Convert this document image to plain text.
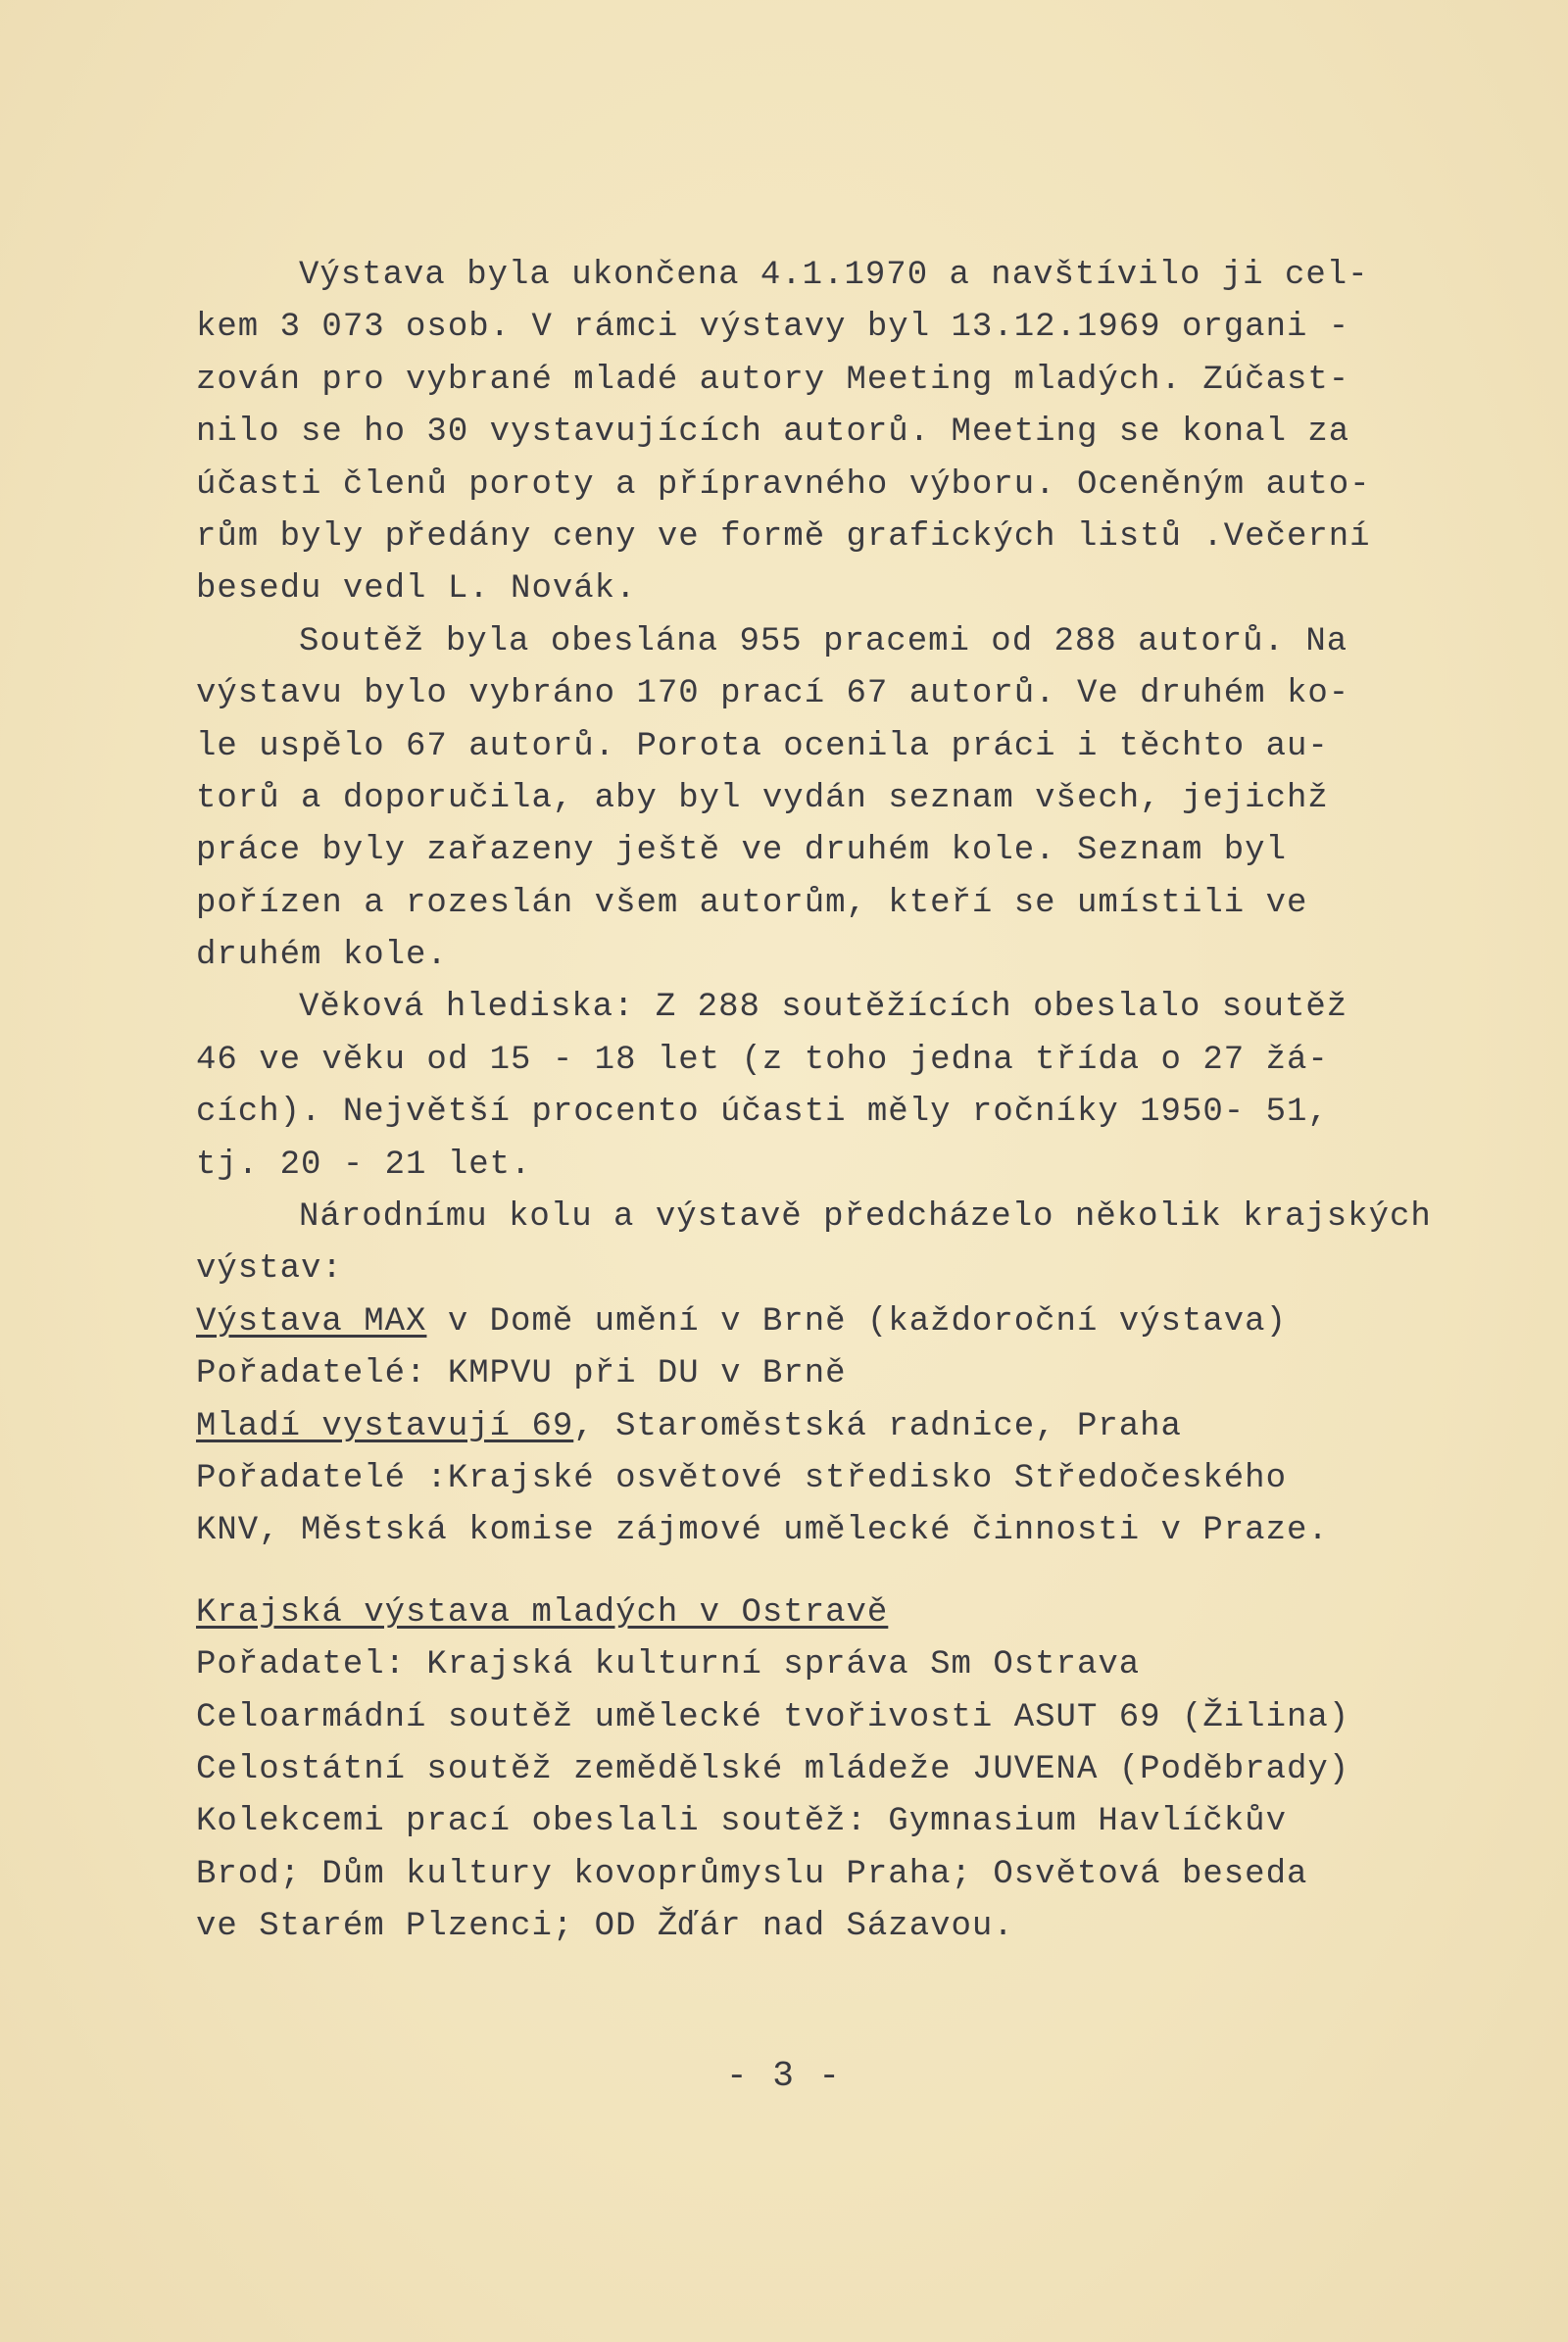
Výstava byla ukončena 4.1.1970 a navštívilo ji cel-
kem 3 073 osob. V rámci výstavy byl 13.12.1969 organi -
zován pro vybrané mladé autory Meeting mladých. Zúčast-
nilo se ho 30 vystavujících autorů. Meeting se konal za
účasti členů poroty a přípravného výboru. Oceněným auto-
rům byly předány ceny ve formě grafických listů .Večerní
besedu vedl L. Novák.
Soutěž byla obeslána 955 pracemi od 288 autorů. Na
výstavu bylo vybráno 170 prací 67 autorů. Ve druhém ko-
le uspělo 67 autorů. Porota ocenila práci i těchto au-
torů a doporučila, aby byl vydán seznam všech, jejichž
práce byly zařazeny ještě ve druhém kole. Seznam byl
pořízen a rozeslán všem autorům, kteří se umístili ve
druhém kole.
Věková hlediska: Z 288 soutěžících obeslalo soutěž
46 ve věku od 15 - 18 let (z toho jedna třída o 27 žá-
cích). Největší procento účasti měly ročníky 1950- 51,
tj. 20 - 21 let.
Národnímu kolu a výstavě předcházelo několik krajských
výstav:
Výstava MAX v Domě umění v Brně (každoroční výstava)
Pořadatelé: KMPVU při DU v Brně
Mladí vystavují 69, Staroměstská radnice, Praha
Pořadatelé :Krajské osvětové středisko Středočeského
KNV, Městská komise zájmové umělecké činnosti v Praze.
Krajská výstava mladých v Ostravě
Pořadatel: Krajská kulturní správa Sm Ostrava
Celoarmádní soutěž umělecké tvořivosti ASUT 69 (Žilina)
Celostátní soutěž zemědělské mládeže JUVENA (Poděbrady)
Kolekcemi prací obeslali soutěž: Gymnasium Havlíčkův
Brod; Dům kultury kovoprůmyslu Praha; Osvětová beseda
ve Starém Plzenci; OD Žďár nad Sázavou.
- 3 -
